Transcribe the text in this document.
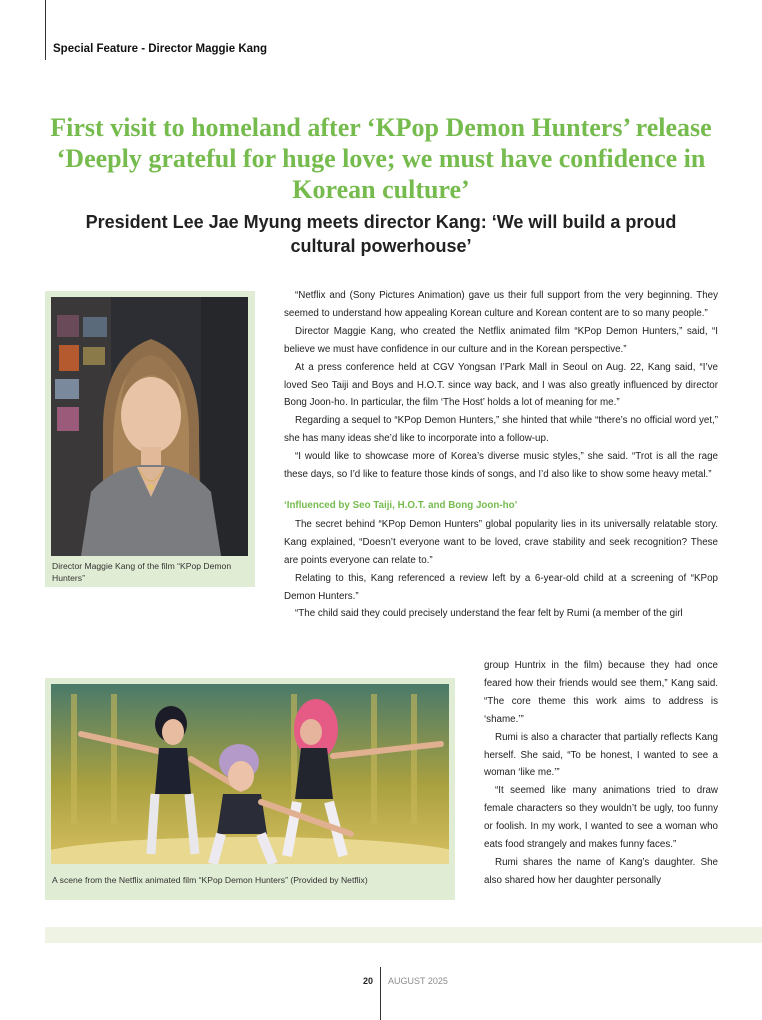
Special Feature - Director Maggie Kang
First visit to homeland after ‘KPop Demon Hunters’ release ‘Deeply grateful for huge love; we must have confidence in Korean culture’
President Lee Jae Myung meets director Kang: ‘We will build a proud cultural powerhouse’
Director Maggie Kang of the film “KPop Demon Hunters”

“Netflix and (Sony Pictures Animation) gave us their full support from the very beginning. They seemed to understand how appealing Korean culture and Korean content are to so many people.”

Director Maggie Kang, who created the Netflix animated film “KPop Demon Hunters,” said, “I believe we must have confidence in our culture and in the Korean perspective.”

At a press conference held at CGV Yongsan I’Park Mall in Seoul on Aug. 22, Kang said, “I’ve loved Seo Taiji and Boys and H.O.T. since way back, and I was also greatly influenced by director Bong Joon-ho. In particular, the film ‘The Host’ holds a lot of meaning for me.”

Regarding a sequel to “KPop Demon Hunters,” she hinted that while “there’s no official word yet,” she has many ideas she’d like to incorporate into a follow-up.

“I would like to showcase more of Korea’s diverse music styles,” she said. “Trot is all the rage these days, so I’d like to feature those kinds of songs, and I’d also like to show some heavy metal.”

‘Influenced by Seo Taiji, H.O.T. and Bong Joon-ho’

The secret behind “KPop Demon Hunters” global popularity lies in its universally relatable story. Kang explained, “Doesn’t everyone want to be loved, crave stability and seek recognition? These are points everyone can relate to.”

Relating to this, Kang referenced a review left by a 6-year-old child at a screening of “KPop Demon Hunters.”

“The child said they could precisely understand the fear felt by Rumi (a member of the girl

A scene from the Netflix animated film “KPop Demon Hunters” (Provided by Netflix)

group Huntrix in the film) because they had once feared how their friends would see them,” Kang said. “The core theme this work aims to address is ‘shame.’”

Rumi is also a character that partially reflects Kang herself. She said, “To be honest, I wanted to see a woman ‘like me.’”

“It seemed like many animations tried to draw female characters so they wouldn’t be ugly, too funny or foolish. In my work, I wanted to see a woman who eats food strangely and makes funny faces.”

Rumi shares the name of Kang’s daughter. She also shared how her daughter personally

20 AUGUST 2025
